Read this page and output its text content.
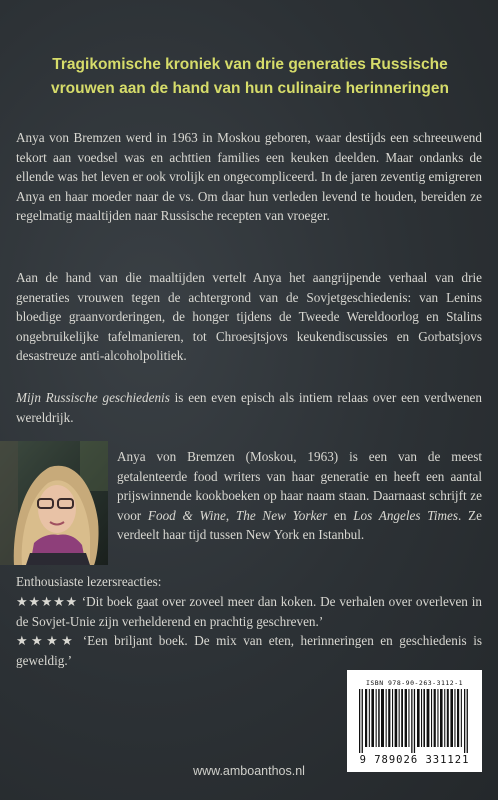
Tragikomische kroniek van drie generaties Russische
vrouwen aan de hand van hun culinaire herinneringen
Anya von Bremzen werd in 1963 in Moskou geboren, waar destijds een schreeuwend tekort aan voedsel was en achttien families een keuken deelden. Maar ondanks de ellende was het leven er ook vrolijk en ongecompliceerd. In de jaren zeventig emigreren Anya en haar moeder naar de vs. Om daar hun verleden levend te houden, bereiden ze regelmatig maaltijden naar Russische recepten van vroeger.
Aan de hand van die maaltijden vertelt Anya het aangrijpende verhaal van drie generaties vrouwen tegen de achtergrond van de Sovjetgeschiedenis: van Lenins bloedige graanvorderingen, de honger tijdens de Tweede Wereldoorlog en Stalins ongebruikelijke tafelmanieren, tot Chroesjtsjovs keukendiscussies en Gorbatsjovs desastreuze anti-alcoholpolitiek.
Mijn Russische geschiedenis is een even episch als intiem relaas over een verdwenen wereldrijk.
Anya von Bremzen (Moskou, 1963) is een van de meest getalenteerde food writers van haar generatie en heeft een aantal prijswinnende kookboeken op haar naam staan. Daarnaast schrijft ze voor Food & Wine, The New Yorker en Los Angeles Times. Ze verdeelt haar tijd tussen New York en Istanbul.
Enthousiaste lezersreacties:
★★★★★ ‘Dit boek gaat over zoveel meer dan koken. De verhalen over overleven in de Sovjet-Unie zijn verhelderend en prachtig geschreven.’
★★★★ ‘Een briljant boek. De mix van eten, herinneringen en geschiedenis is geweldig.’
ISBN 978-90-263-3112-1
9 789026 331121
www.amboanthos.nl
